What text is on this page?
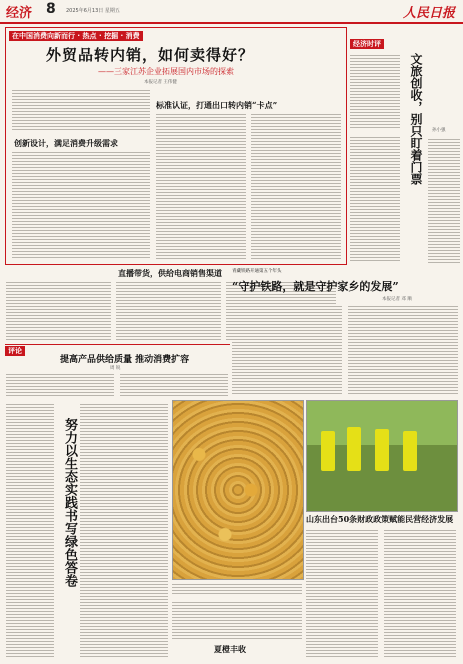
经济 8 2025年6月13日 星期五	人民日报
在中国消费向新而行 · 热点 · 挖掘 · 消费
外贸品转内销，如何卖得好？
——三家江苏企业拓展国内市场的探索
本报记者 王伟健
创新设计，满足消费升级需求
标准认证，打通出口转内销“卡点”
经济时评
文旅创收，别只盯着门票	孙小强
直播带货，供给电商销售渠道 青藏铁路开通第五个年头
“守护铁路，就是守护家乡的发展”
本报记者 邓 顺
评论
提高产品供给质量 推动消费扩容
周 锐
努力以生态实践书写绿色答卷
夏橙丰收
山东出台50条财政政策赋能民营经济发展
